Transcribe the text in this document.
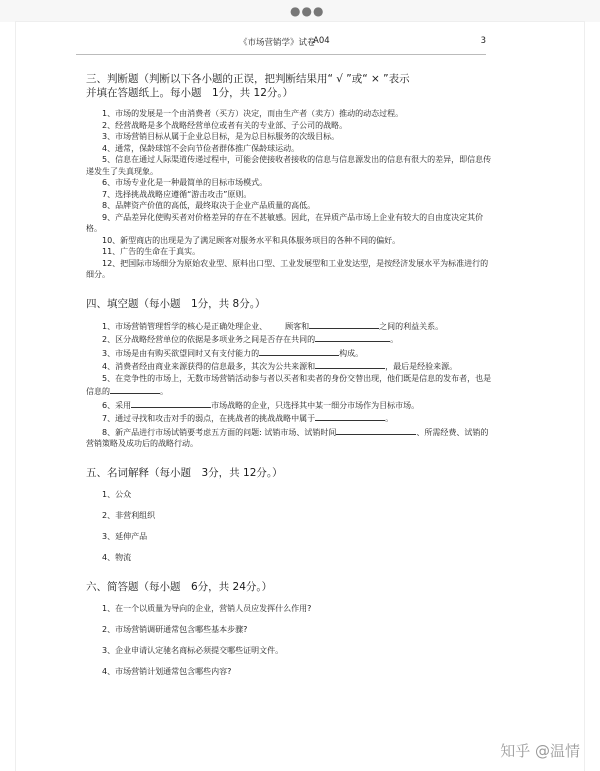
●●●
《市场营销学》试卷
A04	3
三、判断题（判断以下各小题的正误，把判断结果用“ √ ”或“ × ”表示
并填在答题纸上。每小题　1分，共 12分。）

1、市场的发展是一个由消费者（买方）决定，而由生产者（卖方）推动的动态过程。

2、经营战略是多个战略经营单位或者有关的专业部、子公司的战略。

3、市场营销目标从属于企业总目标，是为总目标服务的次级目标。

4、通常，保龄球馆不会向节俭者群体推广保龄球运动。

5、信息在通过人际渠道传递过程中，可能会使接收者接收的信息与信息源发出的信息有很大的差异，即信息传递发生了失真现象。

6、市场专业化是一种最简单的目标市场模式。

7、选择挑战战略应遵循“游击攻击”原则。

8、品牌资产价值的高低，最终取决于企业产品质量的高低。

9、产品差异化使购买者对价格差异的存在不甚敏感。因此，在异质产品市场上企业有较大的自由度决定其价格。

10、新型商店的出现是为了满足顾客对服务水平和具体服务项目的各种不同的偏好。

11、广告的生命在于真实。

12、把国际市场细分为原始农业型、原料出口型、工业发展型和工业发达型，是按经济发展水平为标准进行的细分。

四、填空题（每小题　1分，共 8分。）

1、市场营销管理哲学的核心是正确处理企业、 顾客和	之间的利益关系。

2、区分战略经营单位的依据是多项业务之间是否存在共同的	。

3、市场是由有购买欲望同时又有支付能力的	构成。

4、消费者经由商业来源获得的信息最多，其次为公共来源和	，最后是经验来源。

5、在竞争性的市场上，无数市场营销活动参与者以买者和卖者的身份交替出现，他们既是信息的发布者，也是信息的	。

6、采用	市场战略的企业，只选择其中某一细分市场作为目标市场。

7、通过寻找和攻击对手的弱点，在挑战者的挑战战略中属于	。

8、新产品进行市场试销要考虑五方面的问题: 试销市场、试销时间	、所需经费、试销的营销策略及成功后的战略行动。

五、名词解释（每小题　3分，共 12分。）

1、公众

2、非营利组织

3、延伸产品

4、物流

六、简答题（每小题　6分，共 24分。）

1、在一个以质量为导向的企业，营销人员应发挥什么作用?

2、市场营销调研通常包含哪些基本步骤?

3、企业申请认定驰名商标必须提交哪些证明文件。

4、市场营销计划通常包含哪些内容?

知乎 @温情
